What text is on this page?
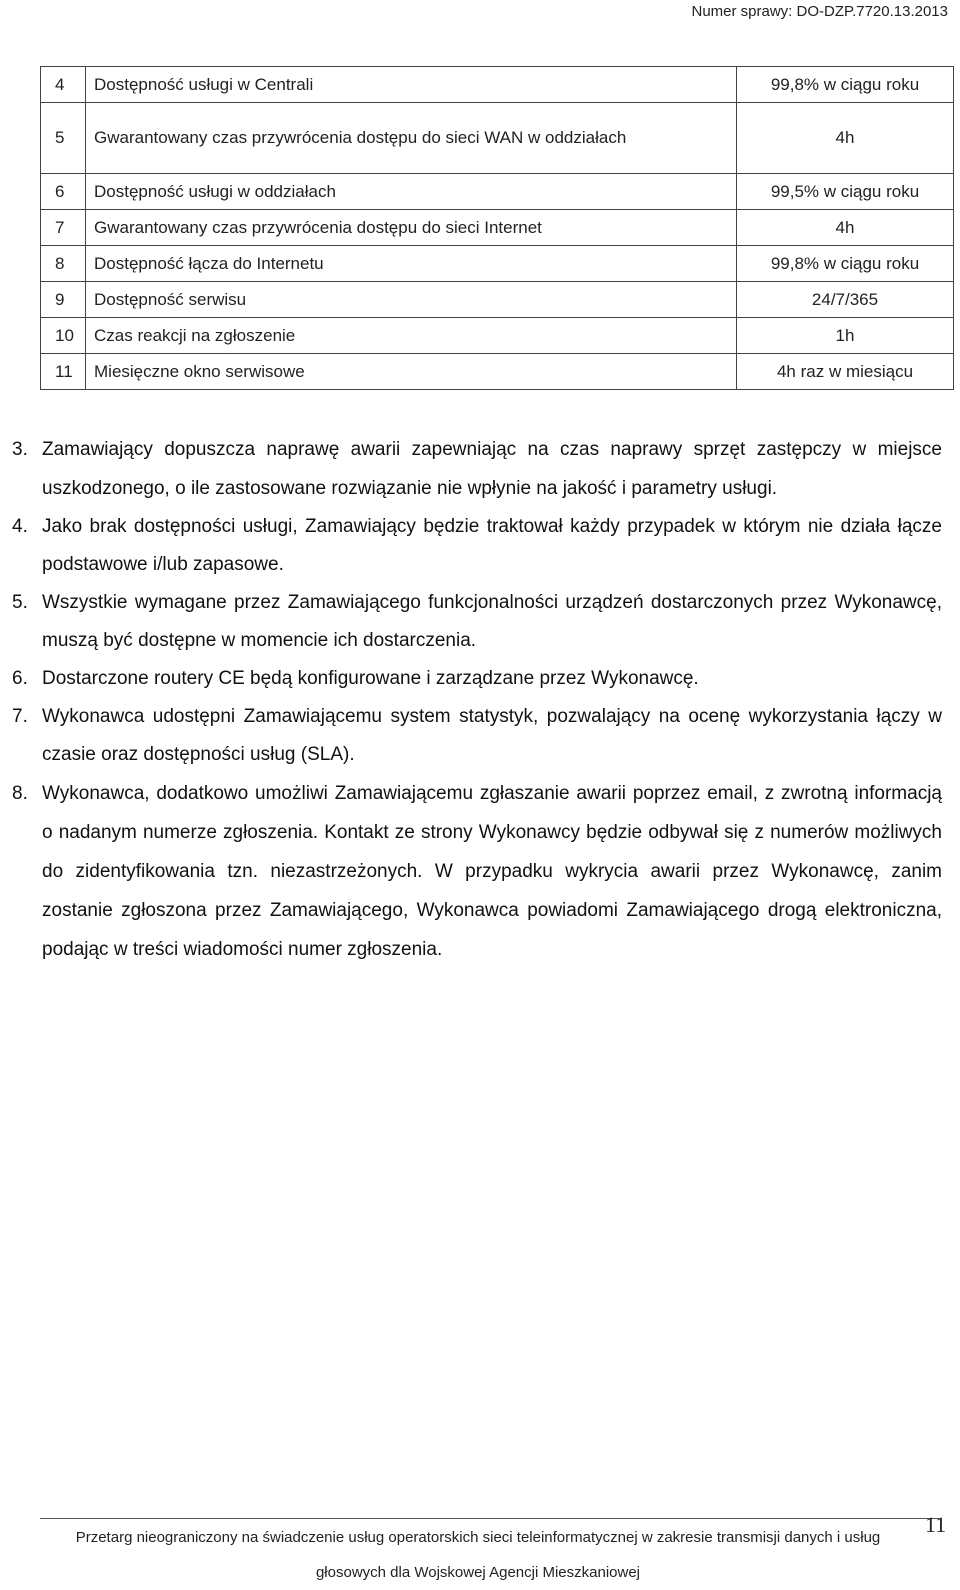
Numer sprawy: DO-DZP.7720.13.2013
4	Dostępność usługi w Centrali	99,8% w ciągu roku
5	Gwarantowany czas przywrócenia dostępu do sieci WAN w oddziałach	4h
6	Dostępność usługi w oddziałach	99,5% w ciągu roku
7	Gwarantowany czas przywrócenia dostępu do sieci Internet	4h
8	Dostępność łącza do Internetu	99,8% w ciągu roku
9	Dostępność serwisu	24/7/365
10	Czas reakcji na zgłoszenie	1h
11	Miesięczne okno serwisowe	4h raz w miesiącu
3. Zamawiający dopuszcza naprawę awarii zapewniając na czas naprawy sprzęt zastępczy w miejsce uszkodzonego, o ile zastosowane rozwiązanie nie wpłynie na jakość i parametry usługi.
4. Jako brak dostępności usługi, Zamawiający będzie traktował każdy przypadek w którym nie działa łącze podstawowe i/lub zapasowe.
5. Wszystkie wymagane przez Zamawiającego funkcjonalności urządzeń dostarczonych przez Wykonawcę, muszą być dostępne w momencie ich dostarczenia.
6. Dostarczone routery CE będą konfigurowane i zarządzane przez Wykonawcę.
7. Wykonawca udostępni Zamawiającemu system statystyk, pozwalający na ocenę wykorzystania łączy w czasie oraz dostępności usług (SLA).
8. Wykonawca, dodatkowo umożliwi Zamawiającemu zgłaszanie awarii poprzez email, z zwrotną informacją o nadanym numerze zgłoszenia. Kontakt ze strony Wykonawcy będzie odbywał się z numerów możliwych do zidentyfikowania tzn. niezastrzeżonych. W przypadku wykrycia awarii przez Wykonawcę, zanim zostanie zgłoszona przez Zamawiającego, Wykonawca powiadomi Zamawiającego drogą elektroniczna, podając w treści wiadomości numer zgłoszenia.
Przetarg nieograniczony na świadczenie usług operatorskich sieci teleinformatycznej w zakresie transmisji danych i usług
głosowych dla Wojskowej Agencji Mieszkaniowej
11
